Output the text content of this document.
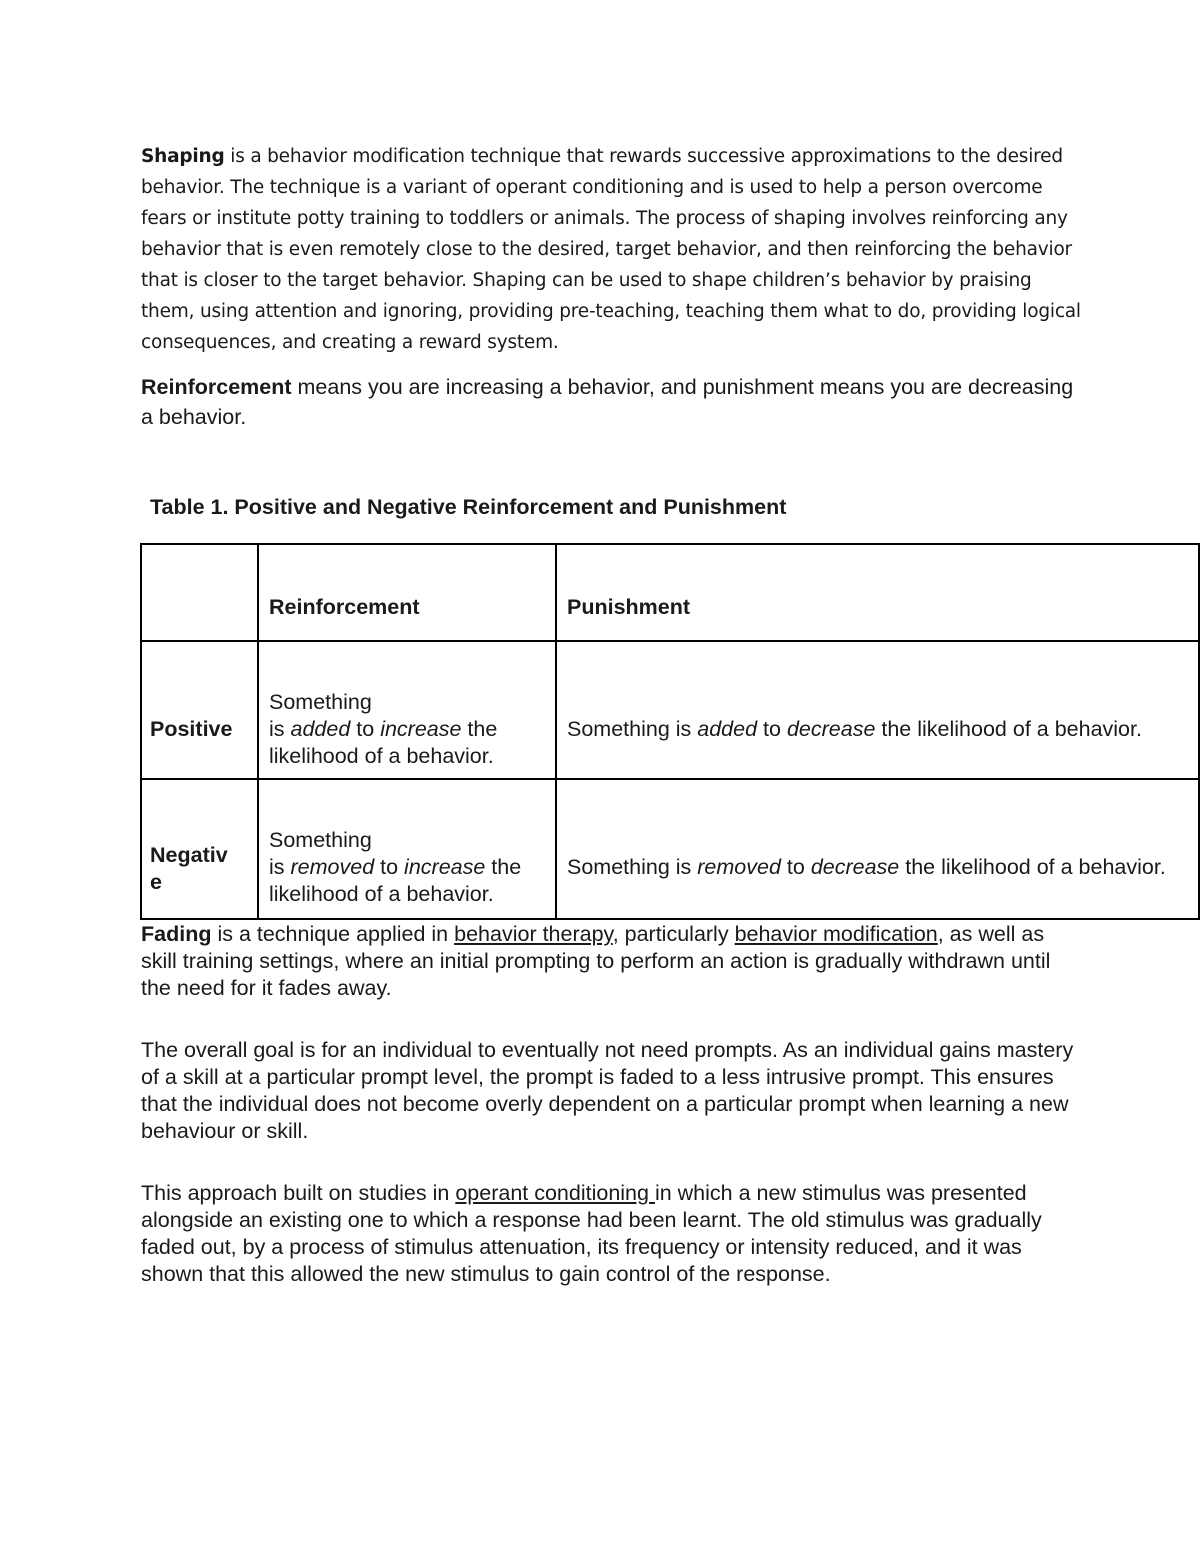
Shaping is a behavior modification technique that rewards successive approximations to the desired behavior. The technique is a variant of operant conditioning and is used to help a person overcome fears or institute potty training to toddlers or animals. The process of shaping involves reinforcing any behavior that is even remotely close to the desired, target behavior, and then reinforcing the behavior that is closer to the target behavior. Shaping can be used to shape children’s behavior by praising them, using attention and ignoring, providing pre-teaching, teaching them what to do, providing logical consequences, and creating a reward system.

Reinforcement means you are increasing a behavior, and punishment means you are decreasing a behavior.

Table 1. Positive and Negative Reinforcement and Punishment
Reinforcement	Punishment
Positive
Something
is added to increase the
likelihood of a behavior.
Something is added to decrease the likelihood of a behavior.
Negativ
e
Something
is removed to increase the
likelihood of a behavior.
Something is removed to decrease the likelihood of a behavior.

Fading is a technique applied in behavior therapy, particularly behavior modification, as well as skill training settings, where an initial prompting to perform an action is gradually withdrawn until the need for it fades away.

The overall goal is for an individual to eventually not need prompts. As an individual gains mastery of a skill at a particular prompt level, the prompt is faded to a less intrusive prompt. This ensures that the individual does not become overly dependent on a particular prompt when learning a new behaviour or skill.

This approach built on studies in operant conditioning in which a new stimulus was presented alongside an existing one to which a response had been learnt. The old stimulus was gradually faded out, by a process of stimulus attenuation, its frequency or intensity reduced, and it was shown that this allowed the new stimulus to gain control of the response.
